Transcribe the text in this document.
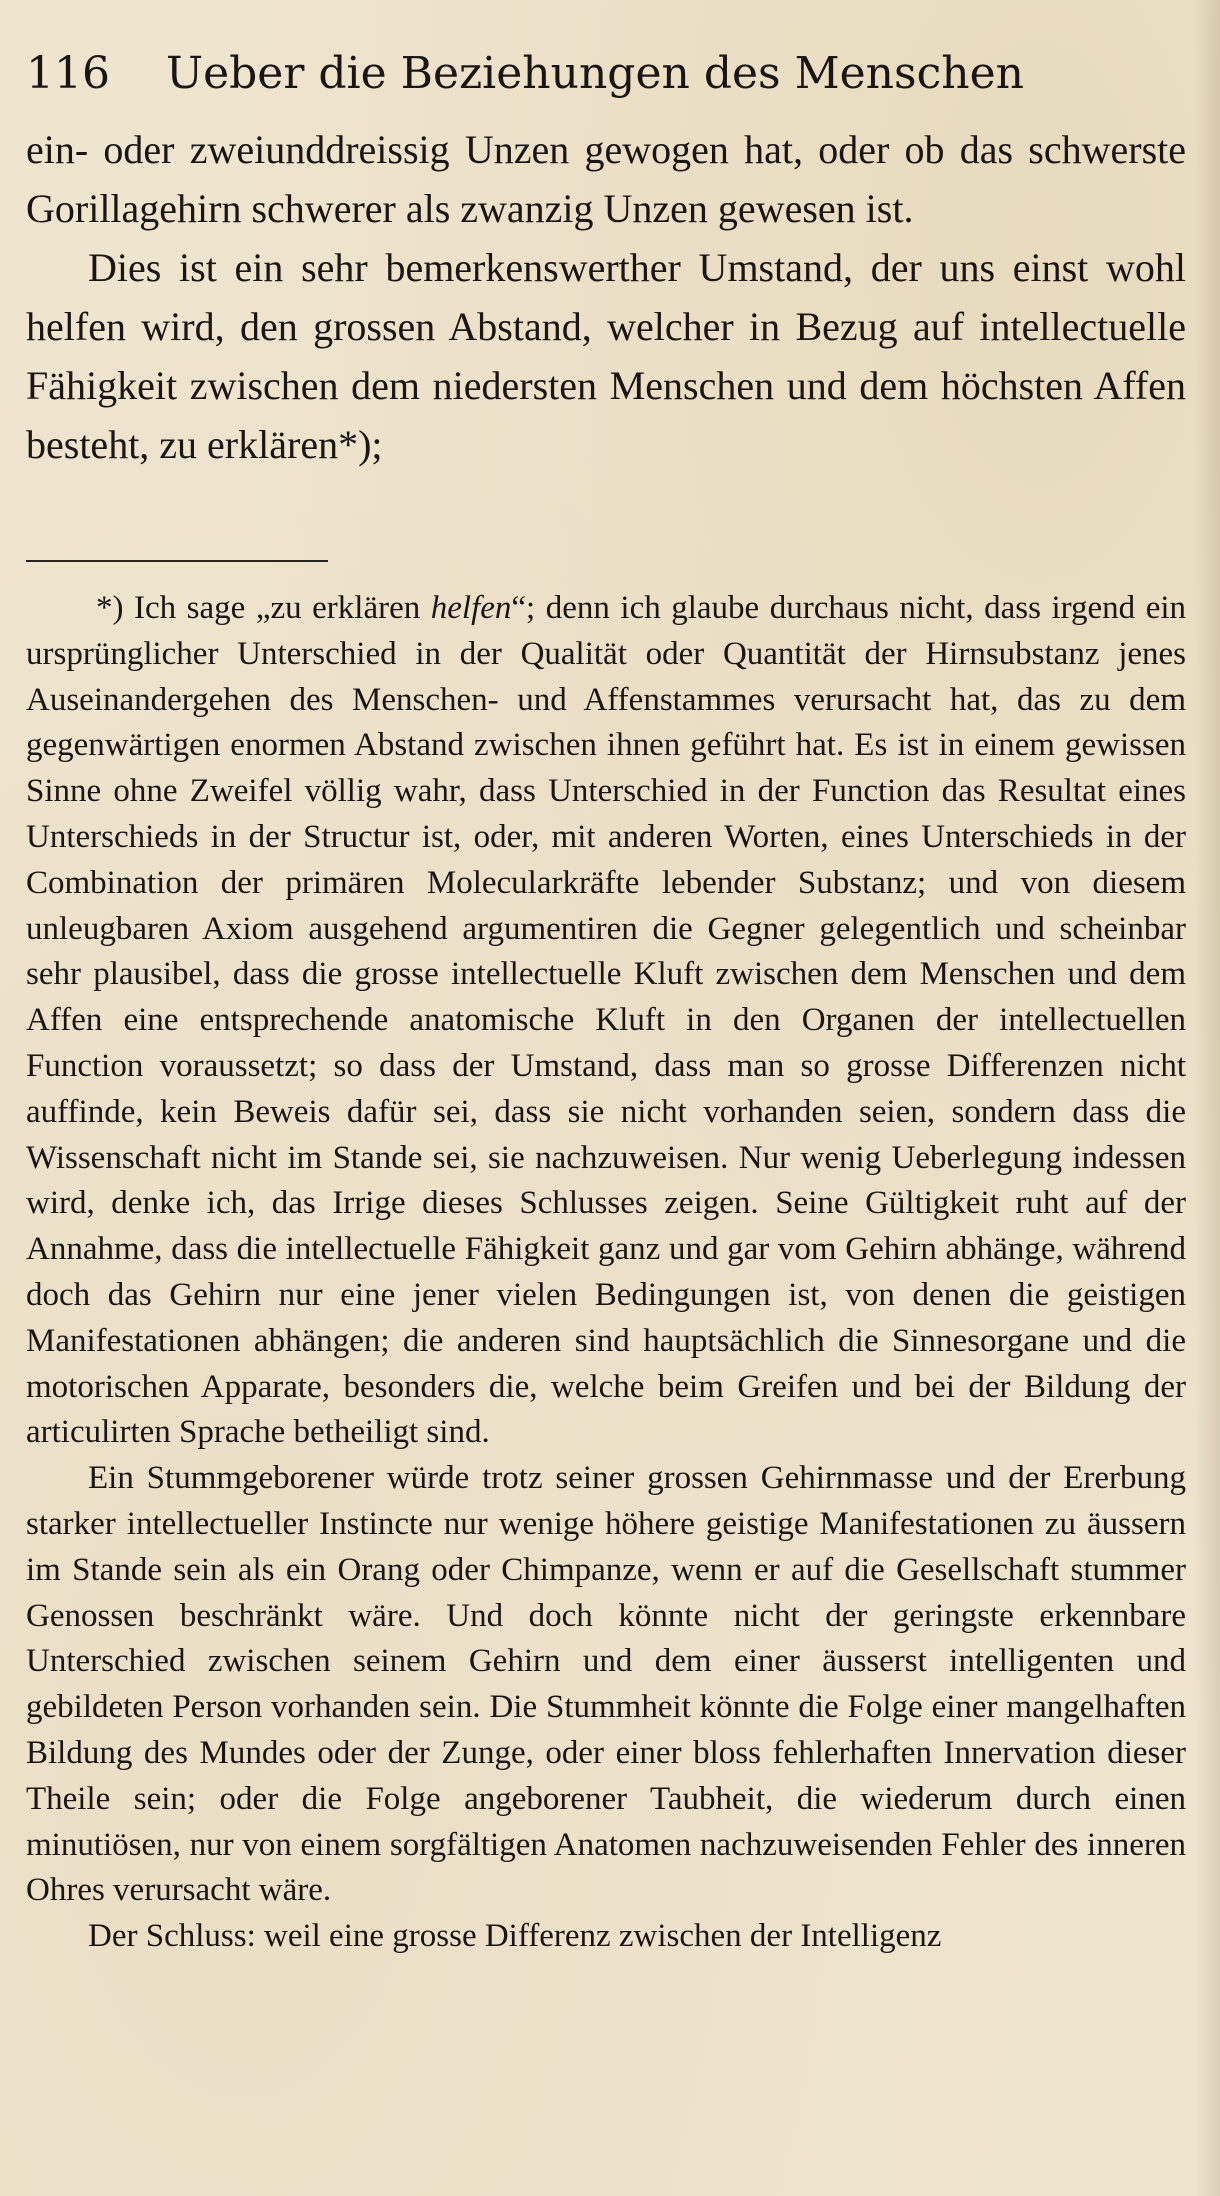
116 Ueber die Beziehungen des Menschen

ein- oder zweiunddreissig Unzen gewogen hat, oder ob das schwerste Gorillagehirn schwerer als zwanzig Unzen gewesen ist.

Dies ist ein sehr bemerkenswerther Umstand, der uns einst wohl helfen wird, den grossen Abstand, welcher in Bezug auf intellectuelle Fähigkeit zwischen dem niedersten Menschen und dem höchsten Affen besteht, zu erklären*);

*) Ich sage „zu erklären helfen“; denn ich glaube durchaus nicht, dass irgend ein ursprünglicher Unterschied in der Qualität oder Quantität der Hirnsubstanz jenes Auseinandergehen des Menschen- und Affenstammes verursacht hat, das zu dem gegenwärtigen enormen Abstand zwischen ihnen geführt hat. Es ist in einem gewissen Sinne ohne Zweifel völlig wahr, dass Unterschied in der Function das Resultat eines Unterschieds in der Structur ist, oder, mit anderen Worten, eines Unterschieds in der Combination der primären Molecularkräfte lebender Substanz; und von diesem unleugbaren Axiom ausgehend argumentiren die Gegner gelegentlich und scheinbar sehr plausibel, dass die grosse intellectuelle Kluft zwischen dem Menschen und dem Affen eine entsprechende anatomische Kluft in den Organen der intellectuellen Function voraussetzt; so dass der Umstand, dass man so grosse Differenzen nicht auffinde, kein Beweis dafür sei, dass sie nicht vorhanden seien, sondern dass die Wissenschaft nicht im Stande sei, sie nachzuweisen. Nur wenig Ueberlegung indessen wird, denke ich, das Irrige dieses Schlusses zeigen. Seine Gültigkeit ruht auf der Annahme, dass die intellectuelle Fähigkeit ganz und gar vom Gehirn abhänge, während doch das Gehirn nur eine jener vielen Bedingungen ist, von denen die geistigen Manifestationen abhängen; die anderen sind hauptsächlich die Sinnesorgane und die motorischen Apparate, besonders die, welche beim Greifen und bei der Bildung der articulirten Sprache betheiligt sind.

Ein Stummgeborener würde trotz seiner grossen Gehirnmasse und der Ererbung starker intellectueller Instincte nur wenige höhere geistige Manifestationen zu äussern im Stande sein als ein Orang oder Chimpanze, wenn er auf die Gesellschaft stummer Genossen beschränkt wäre. Und doch könnte nicht der geringste erkennbare Unterschied zwischen seinem Gehirn und dem einer äusserst intelligenten und gebildeten Person vorhanden sein. Die Stummheit könnte die Folge einer mangelhaften Bildung des Mundes oder der Zunge, oder einer bloss fehlerhaften Innervation dieser Theile sein; oder die Folge angeborener Taubheit, die wiederum durch einen minutiösen, nur von einem sorgfältigen Anatomen nachzuweisenden Fehler des inneren Ohres verursacht wäre.

Der Schluss: weil eine grosse Differenz zwischen der Intelligenz
